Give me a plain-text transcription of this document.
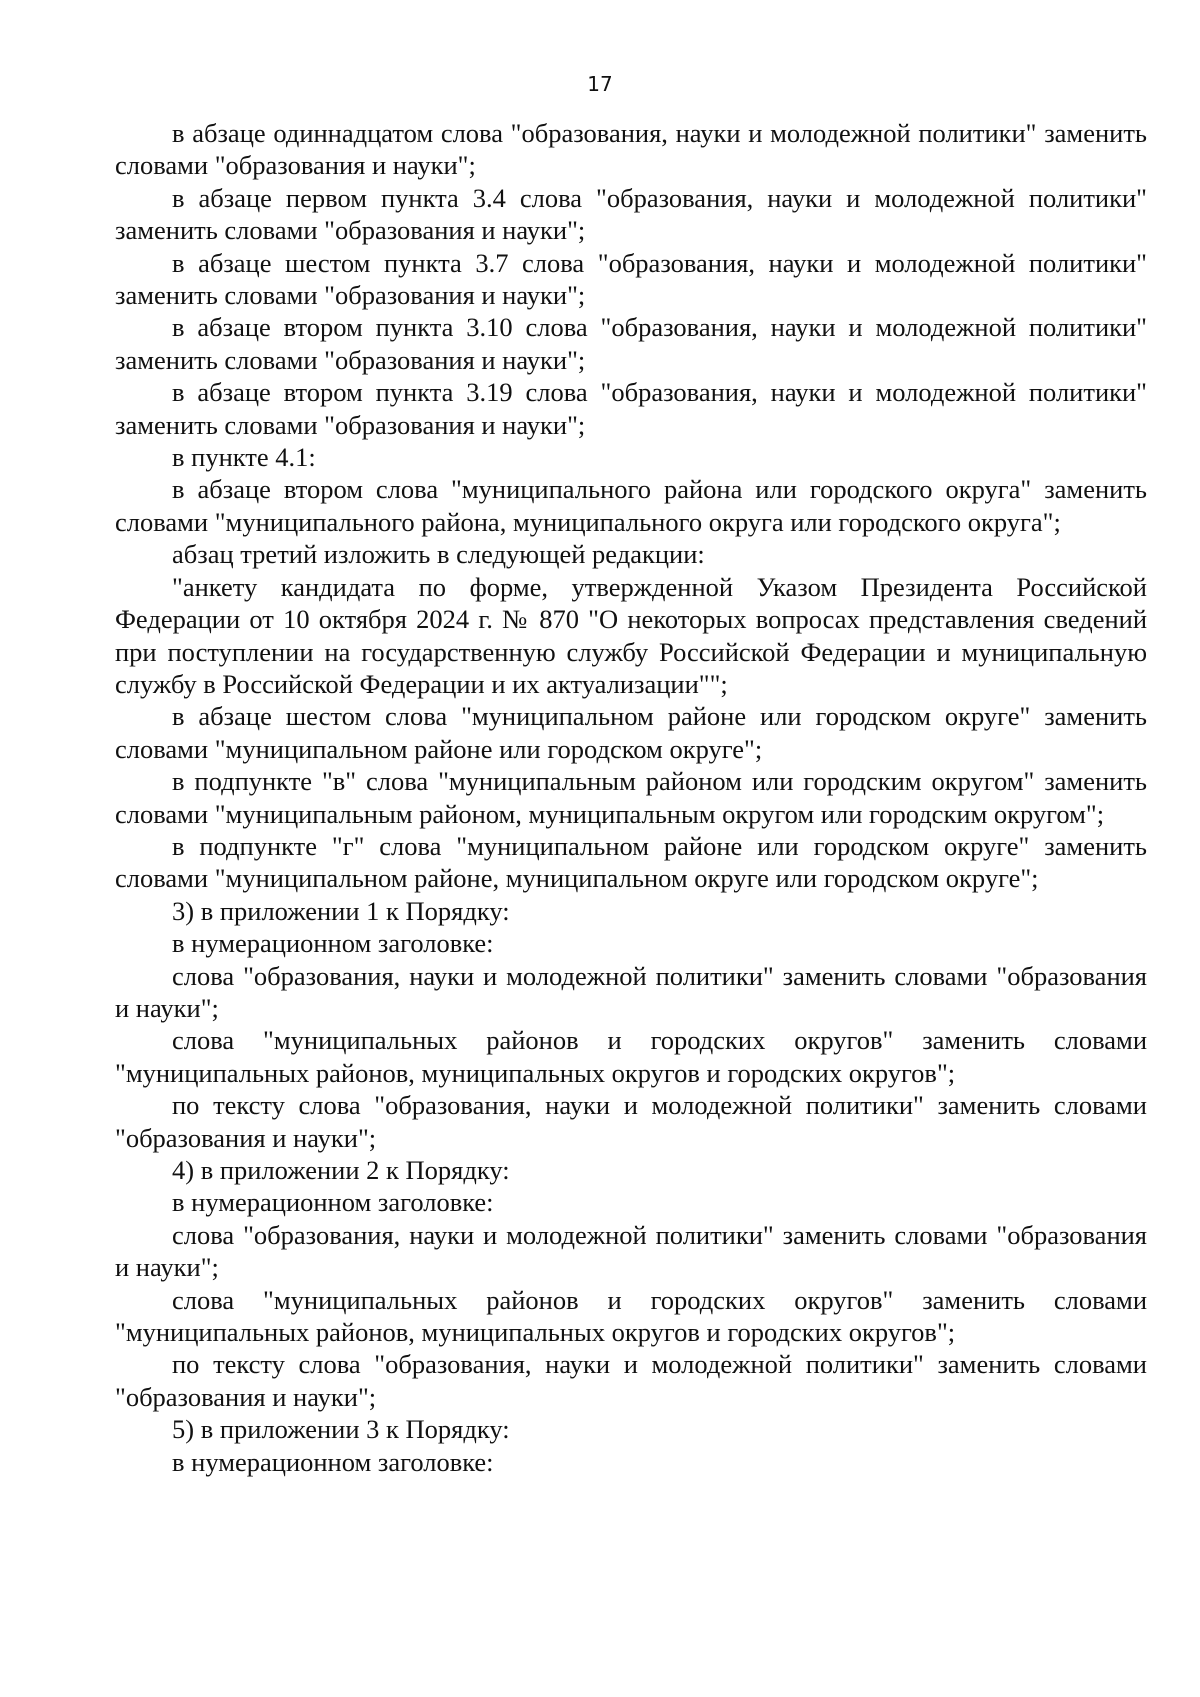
17

в абзаце одиннадцатом слова "образования, науки и молодежной политики" заменить словами "образования и науки";

в абзаце первом пункта 3.4 слова "образования, науки и молодежной политики" заменить словами "образования и науки";

в абзаце шестом пункта 3.7 слова "образования, науки и молодежной политики" заменить словами "образования и науки";

в абзаце втором пункта 3.10 слова "образования, науки и молодежной политики" заменить словами "образования и науки";

в абзаце втором пункта 3.19 слова "образования, науки и молодежной политики" заменить словами "образования и науки";

в пункте 4.1:

в абзаце втором слова "муниципального района или городского округа" заменить словами "муниципального района, муниципального округа или городского округа";

абзац третий изложить в следующей редакции:

"анкету кандидата по форме, утвержденной Указом Президента Российской Федерации от 10 октября 2024 г. № 870 "О некоторых вопросах представления сведений при поступлении на государственную службу Российской Федерации и муниципальную службу в Российской Федерации и их актуализации"";

в абзаце шестом слова "муниципальном районе или городском округе" заменить словами "муниципальном районе или городском округе";

в подпункте "в" слова "муниципальным районом или городским округом" заменить словами "муниципальным районом, муниципальным округом или городским округом";

в подпункте "г" слова "муниципальном районе или городском округе" заменить словами "муниципальном районе, муниципальном округе или городском округе";

3) в приложении 1 к Порядку:

в нумерационном заголовке:

слова "образования, науки и молодежной политики" заменить словами "образования и науки";

слова "муниципальных районов и городских округов" заменить словами "муниципальных районов, муниципальных округов и городских округов";

по тексту слова "образования, науки и молодежной политики" заменить словами "образования и науки";

4) в приложении 2 к Порядку:

в нумерационном заголовке:

слова "образования, науки и молодежной политики" заменить словами "образования и науки";

слова "муниципальных районов и городских округов" заменить словами "муниципальных районов, муниципальных округов и городских округов";

по тексту слова "образования, науки и молодежной политики" заменить словами "образования и науки";

5) в приложении 3 к Порядку:

в нумерационном заголовке:
